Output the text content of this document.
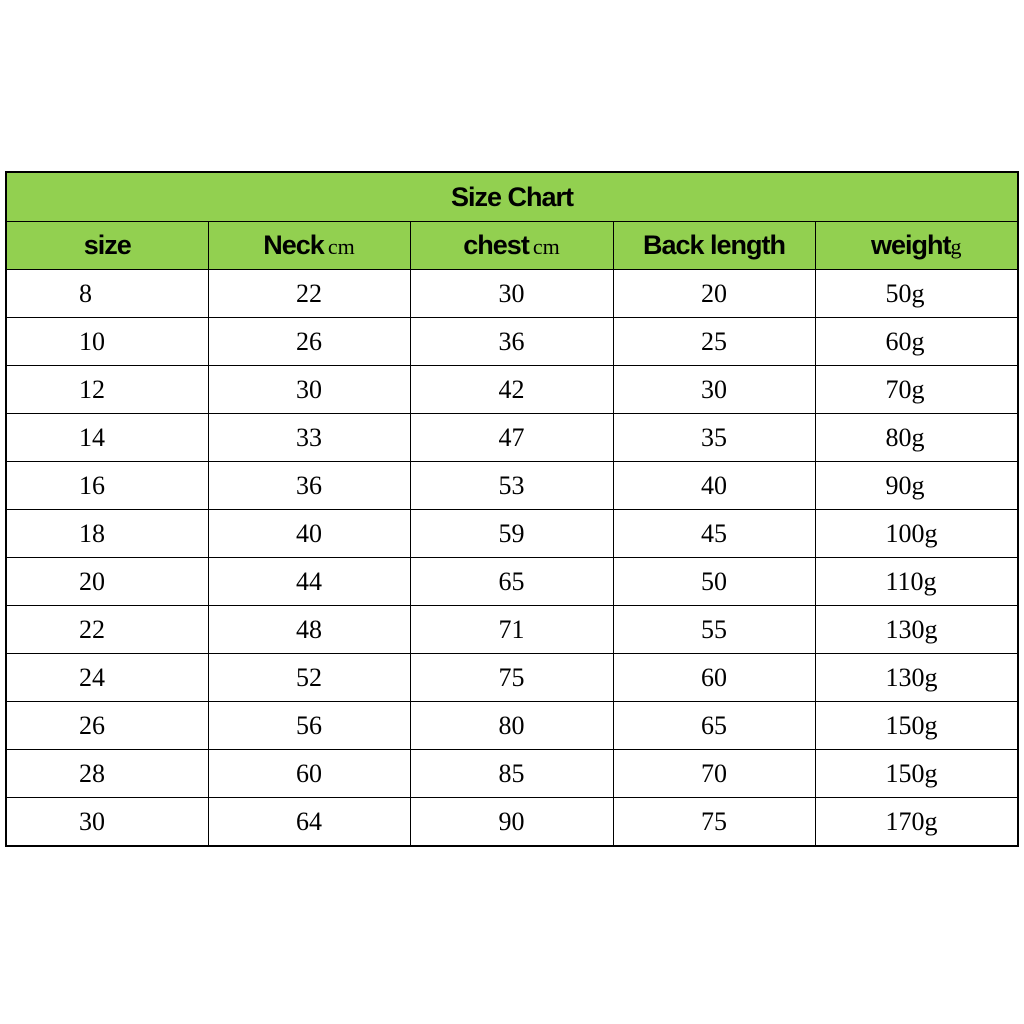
Size Chart				
size	Neck cm	chest cm	Back length	weightg
8	22	30	20	50g
10	26	36	25	60g
12	30	42	30	70g
14	33	47	35	80g
16	36	53	40	90g
18	40	59	45	100g
20	44	65	50	110g
22	48	71	55	130g
24	52	75	60	130g
26	56	80	65	150g
28	60	85	70	150g
30	64	90	75	170g
